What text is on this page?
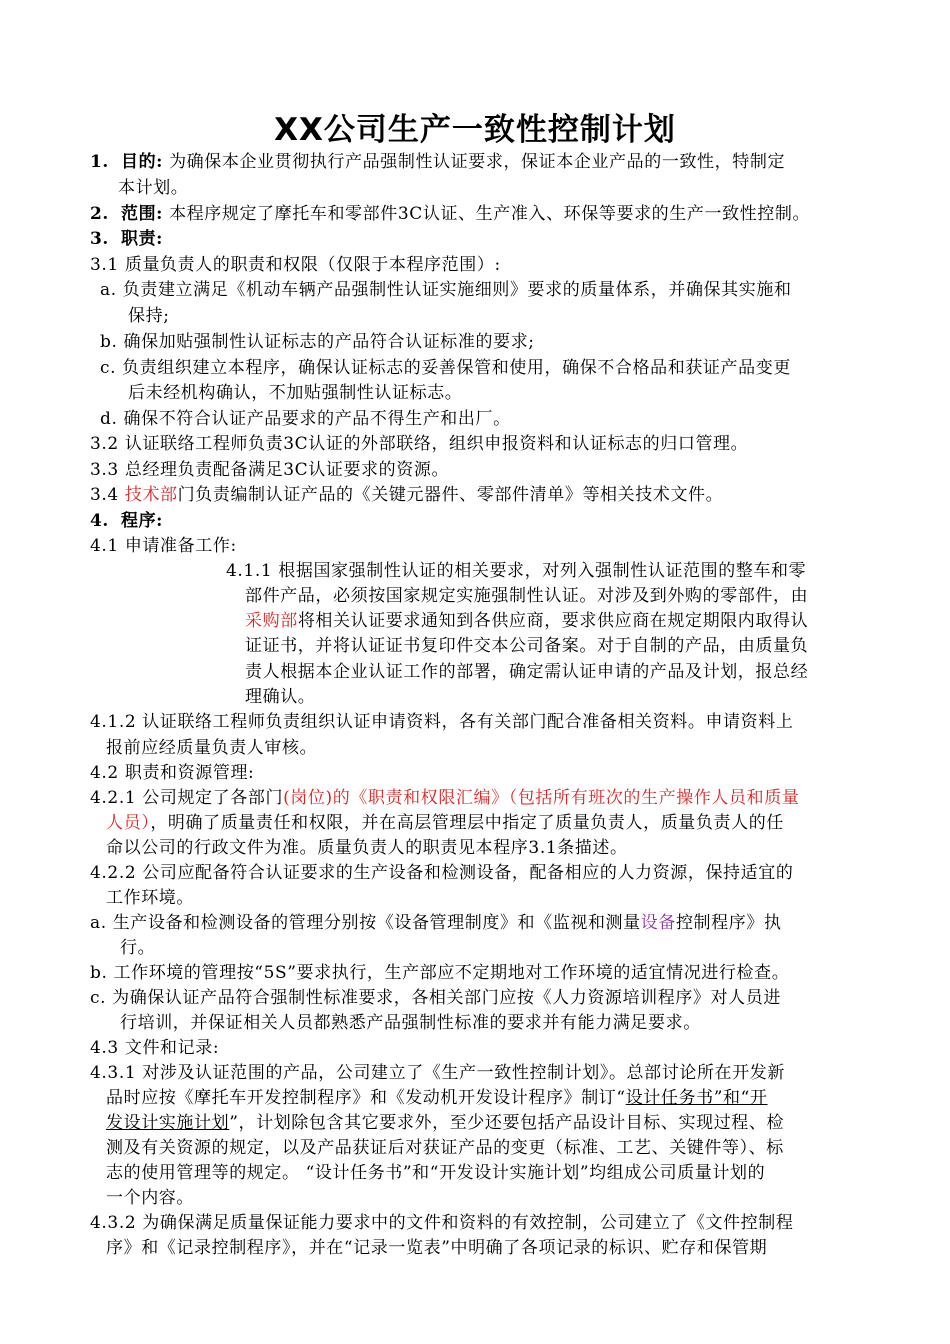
XX公司生产一致性控制计划
1. 目的: 为确保本企业贯彻执行产品强制性认证要求，保证本企业产品的一致性，特制定
本计划。
2. 范围: 本程序规定了摩托车和零部件3C认证、生产准入、环保等要求的生产一致性控制。
3. 职责:
3.1 质量负责人的职责和权限（仅限于本程序范围）:
a. 负责建立满足《机动车辆产品强制性认证实施细则》要求的质量体系，并确保其实施和
保持;
b. 确保加贴强制性认证标志的产品符合认证标准的要求;
c. 负责组织建立本程序，确保认证标志的妥善保管和使用，确保不合格品和获证产品变更
后未经机构确认，不加贴强制性认证标志。
d. 确保不符合认证产品要求的产品不得生产和出厂。
3.2 认证联络工程师负责3C认证的外部联络，组织申报资料和认证标志的归口管理。
3.3 总经理负责配备满足3C认证要求的资源。
3.4 技术部门负责编制认证产品的《关键元器件、零部件清单》等相关技术文件。
4. 程序:
4.1 申请准备工作:
4.1.1 根据国家强制性认证的相关要求，对列入强制性认证范围的整车和零
部件产品，必须按国家规定实施强制性认证。对涉及到外购的零部件，由
采购部将相关认证要求通知到各供应商，要求供应商在规定期限内取得认
证证书，并将认证证书复印件交本公司备案。对于自制的产品，由质量负
责人根据本企业认证工作的部署，确定需认证申请的产品及计划，报总经
理确认。
4.1.2 认证联络工程师负责组织认证申请资料，各有关部门配合准备相关资料。申请资料上
报前应经质量负责人审核。
4.2 职责和资源管理:
4.2.1 公司规定了各部门(岗位)的《职责和权限汇编》（包括所有班次的生产操作人员和质量
人员），明确了质量责任和权限，并在高层管理层中指定了质量负责人，质量负责人的任
命以公司的行政文件为准。质量负责人的职责见本程序3.1条描述。
4.2.2 公司应配备符合认证要求的生产设备和检测设备，配备相应的人力资源，保持适宜的
工作环境。
a. 生产设备和检测设备的管理分别按《设备管理制度》和《监视和测量设备控制程序》执
行。
b. 工作环境的管理按“5S”要求执行，生产部应不定期地对工作环境的适宜情况进行检查。
c. 为确保认证产品符合强制性标准要求，各相关部门应按《人力资源培训程序》对人员进
行培训，并保证相关人员都熟悉产品强制性标准的要求并有能力满足要求。
4.3 文件和记录:
4.3.1 对涉及认证范围的产品，公司建立了《生产一致性控制计划》。总部讨论所在开发新
品时应按《摩托车开发控制程序》和《发动机开发设计程序》制订“设计任务书”和“开
发设计实施计划”，计划除包含其它要求外，至少还要包括产品设计目标、实现过程、检
测及有关资源的规定，以及产品获证后对获证产品的变更（标准、工艺、关键件等）、标
志的使用管理等的规定。 “设计任务书”和“开发设计实施计划”均组成公司质量计划的
一个内容。
4.3.2 为确保满足质量保证能力要求中的文件和资料的有效控制，公司建立了《文件控制程
序》和《记录控制程序》，并在“记录一览表”中明确了各项记录的标识、贮存和保管期
